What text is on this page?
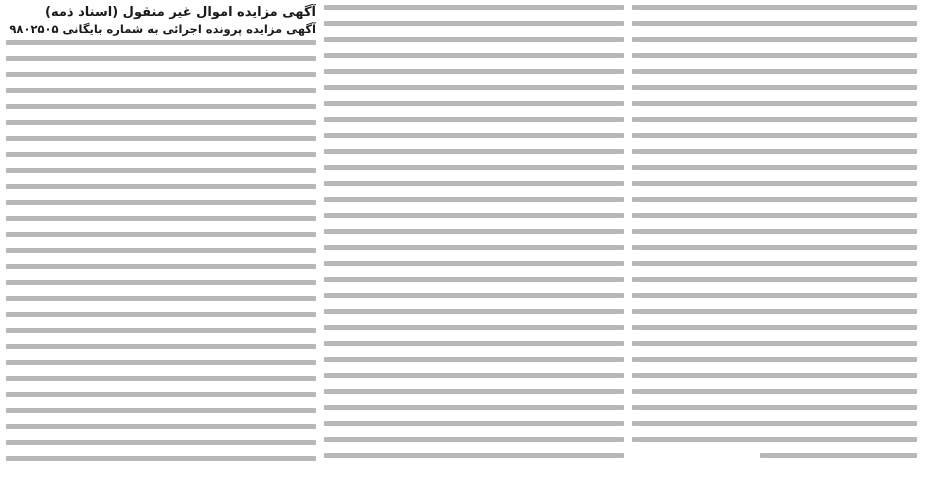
آگهی مزایده اموال غیر منقول (اسناد ذمه)
آگهی مزایده پرونده اجرائی به شماره بایگانی ۹۸۰۲۵۰۵
